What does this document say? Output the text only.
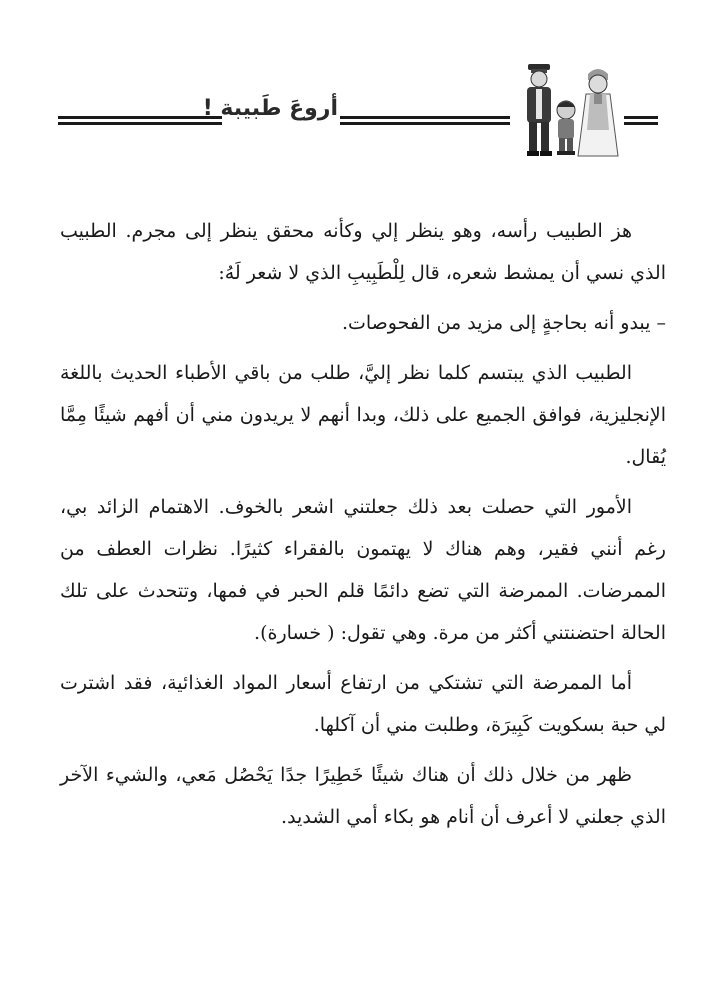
أروعَ طَبيبة !

هز الطبيب رأسه، وهو ينظر إلي وكأنه محقق ينظر إلى مجرم. الطبيب الذي نسي أن يمشط شعره، قال لِلْطَبِيبِ الذي لا شعر لَهُ:

– يبدو أنه بحاجةٍ إلى مزيد من الفحوصات.

الطبيب الذي يبتسم كلما نظر إليَّ، طلب من باقي الأطباء الحديث باللغة الإنجليزية، فوافق الجميع على ذلك، وبدا أنهم لا يريدون مني أن أفهم شيئًا مِمَّا يُقال.

الأمور التي حصلت بعد ذلك جعلتني اشعر بالخوف. الاهتمام الزائد بي، رغم أنني فقير، وهم هناك لا يهتمون بالفقراء كثيرًا. نظرات العطف من الممرضات. الممرضة التي تضع دائمًا قلم الحبر في فمها، وتتحدث على تلك الحالة احتضنتني أكثر من مرة. وهي تقول: ( خسارة).

أما الممرضة التي تشتكي من ارتفاع أسعار المواد الغذائية، فقد اشترت لي حبة بسكويت كَبِيرَة، وطلبت مني أن آكلها.

ظهر من خلال ذلك أن هناك شيئًا خَطِيرًا جدًا يَحْصُل مَعي، والشيء الآخر الذي جعلني لا أعرف أن أنام هو بكاء أمي الشديد.
